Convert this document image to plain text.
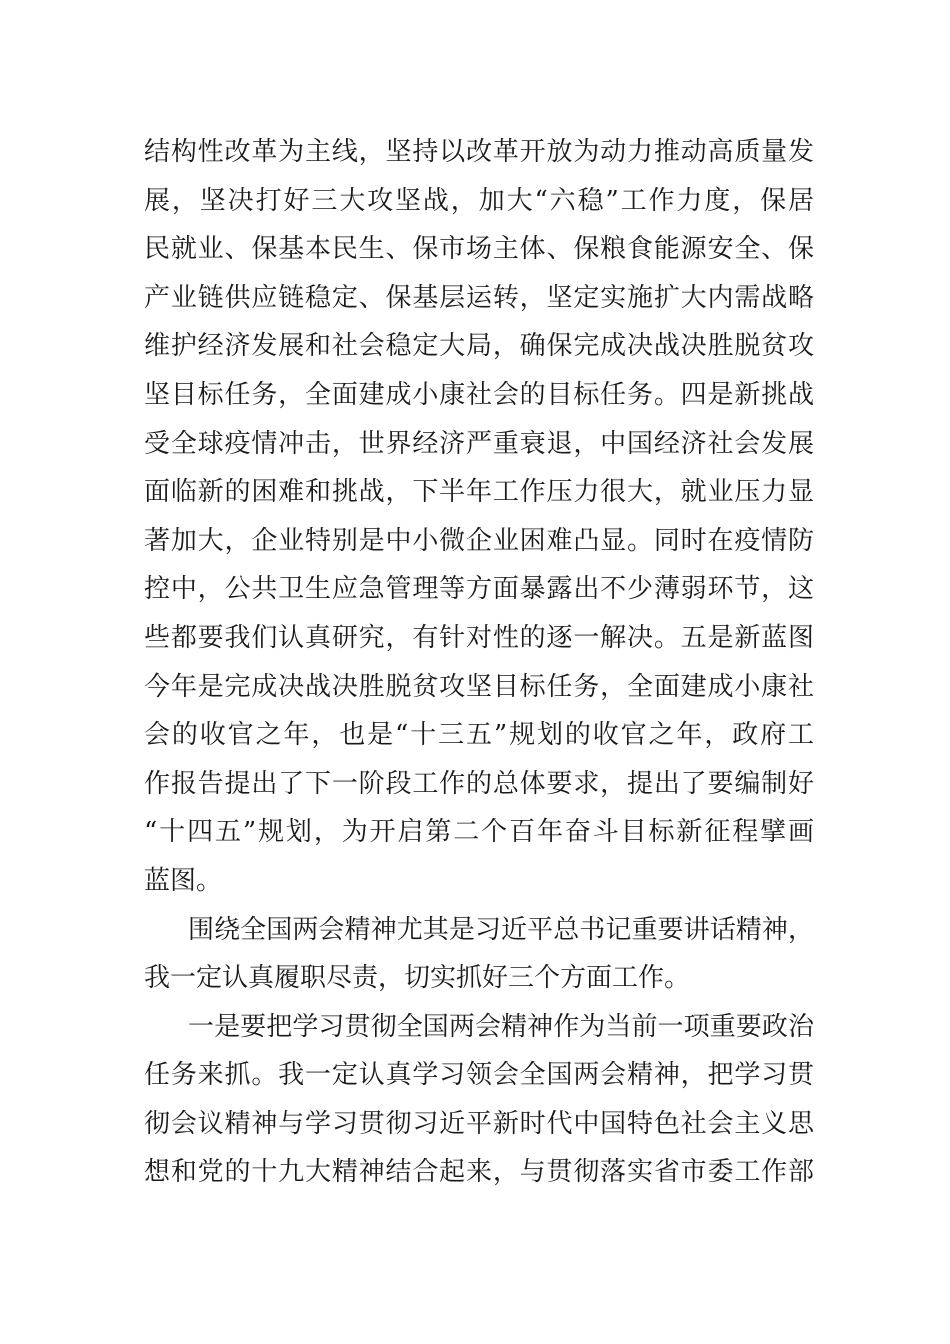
结构性改革为主线，坚持以改革开放为动力推动高质量发
展，坚决打好三大攻坚战，加大“六稳”工作力度，保居
民就业、保基本民生、保市场主体、保粮食能源安全、保
产业链供应链稳定、保基层运转，坚定实施扩大内需战略
维护经济发展和社会稳定大局，确保完成决战决胜脱贫攻
坚目标任务，全面建成小康社会的目标任务。四是新挑战
受全球疫情冲击，世界经济严重衰退，中国经济社会发展
面临新的困难和挑战，下半年工作压力很大，就业压力显
著加大，企业特别是中小微企业困难凸显。同时在疫情防
控中，公共卫生应急管理等方面暴露出不少薄弱环节，这
些都要我们认真研究，有针对性的逐一解决。五是新蓝图
今年是完成决战决胜脱贫攻坚目标任务，全面建成小康社
会的收官之年，也是“十三五”规划的收官之年，政府工
作报告提出了下一阶段工作的总体要求，提出了要编制好
“十四五”规划，为开启第二个百年奋斗目标新征程擘画
蓝图。
围绕全国两会精神尤其是习近平总书记重要讲话精神，
我一定认真履职尽责，切实抓好三个方面工作。
一是要把学习贯彻全国两会精神作为当前一项重要政治
任务来抓。我一定认真学习领会全国两会精神，把学习贯
彻会议精神与学习贯彻习近平新时代中国特色社会主义思
想和党的十九大精神结合起来，与贯彻落实省市委工作部
